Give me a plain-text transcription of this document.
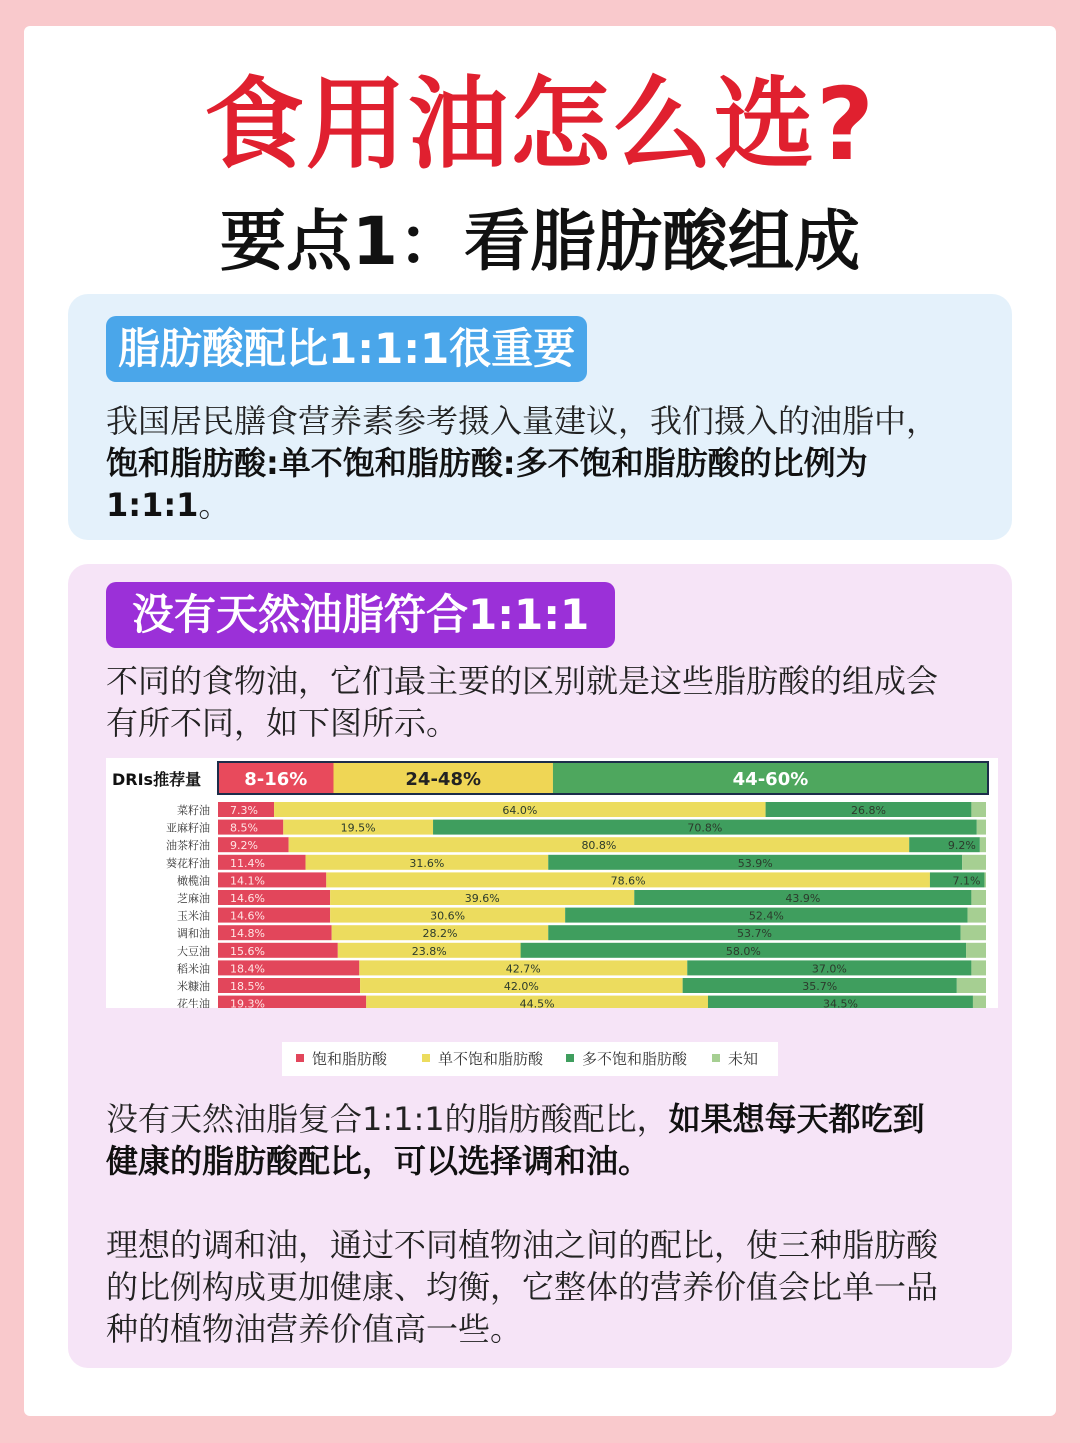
食用油怎么选?
要点1：看脂肪酸组成
脂肪酸配比1:1:1很重要
我国居民膳食营养素参考摄入量建议，我们摄入的油脂中，饱和脂肪酸:单不饱和脂肪酸:多不饱和脂肪酸的比例为1:1:1。
没有天然油脂符合1:1:1
不同的食物油，它们最主要的区别就是这些脂肪酸的组成会有所不同，如下图所示。
DRIs推荐量 8-16%	24-48%	44-60%
菜籽油 7.3%	64.0%	26.8%
亚麻籽油 8.5%	19.5%	70.8%
油茶籽油 9.2%	80.8%	9.2%
葵花籽油 11.4%	31.6%	53.9%
橄榄油 14.1%	78.6%	7.1%
芝麻油 14.6%	39.6%	43.9%
玉米油 14.6%	30.6%	52.4%
调和油 14.8%	28.2%	53.7%
大豆油 15.6%	23.8%	58.0%
稻米油 18.4%	42.7%	37.0%
米糠油 18.5%	42.0%	35.7%
花生油 19.3%	44.5%	34.5%
饱和脂肪酸	单不饱和脂肪酸	多不饱和脂肪酸	未知
没有天然油脂复合1:1:1的脂肪酸配比，如果想每天都吃到健康的脂肪酸配比，可以选择调和油。
理想的调和油，通过不同植物油之间的配比，使三种脂肪酸的比例构成更加健康、均衡，它整体的营养价值会比单一品种的植物油营养价值高一些。
